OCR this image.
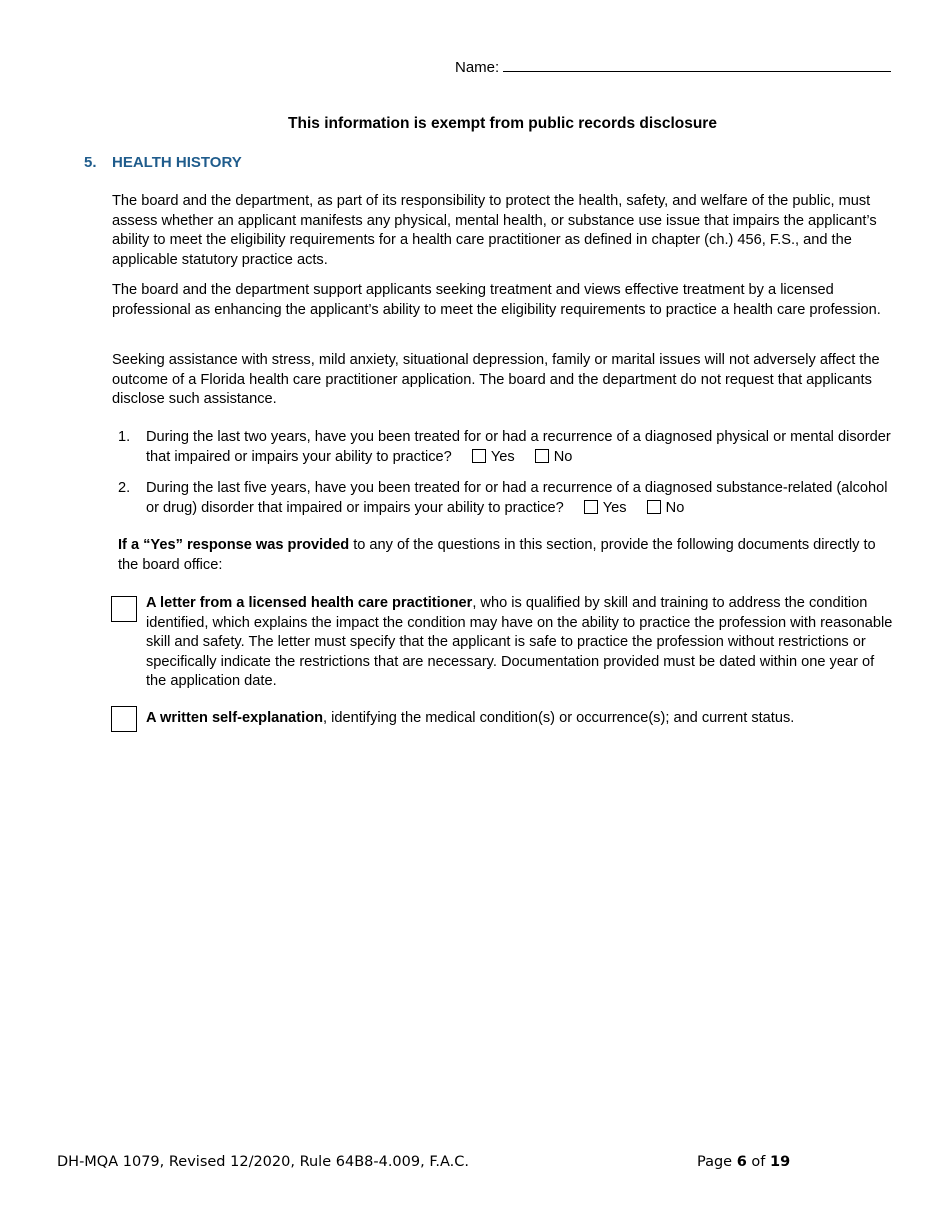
Name:
This information is exempt from public records disclosure
5. HEALTH HISTORY
The board and the department, as part of its responsibility to protect the health, safety, and welfare of the public, must assess whether an applicant manifests any physical, mental health, or substance use issue that impairs the applicant’s ability to meet the eligibility requirements for a health care practitioner as defined in chapter (ch.) 456, F.S., and the applicable statutory practice acts.
The board and the department support applicants seeking treatment and views effective treatment by a licensed professional as enhancing the applicant’s ability to meet the eligibility requirements to practice a health care profession.
Seeking assistance with stress, mild anxiety, situational depression, family or marital issues will not adversely affect the outcome of a Florida health care practitioner application. The board and the department do not request that applicants disclose such assistance.
1. During the last two years, have you been treated for or had a recurrence of a diagnosed physical or mental disorder that impaired or impairs your ability to practice?	Yes	No
2. During the last five years, have you been treated for or had a recurrence of a diagnosed substance-related (alcohol or drug) disorder that impaired or impairs your ability to practice?	Yes	No
If a “Yes” response was provided to any of the questions in this section, provide the following documents directly to the board office:
A letter from a licensed health care practitioner, who is qualified by skill and training to address the condition identified, which explains the impact the condition may have on the ability to practice the profession with reasonable skill and safety. The letter must specify that the applicant is safe to practice the profession without restrictions or specifically indicate the restrictions that are necessary. Documentation provided must be dated within one year of the application date.
A written self-explanation, identifying the medical condition(s) or occurrence(s); and current status.
DH-MQA 1079, Revised 12/2020, Rule 64B8-4.009, F.A.C.	Page 6 of 19
